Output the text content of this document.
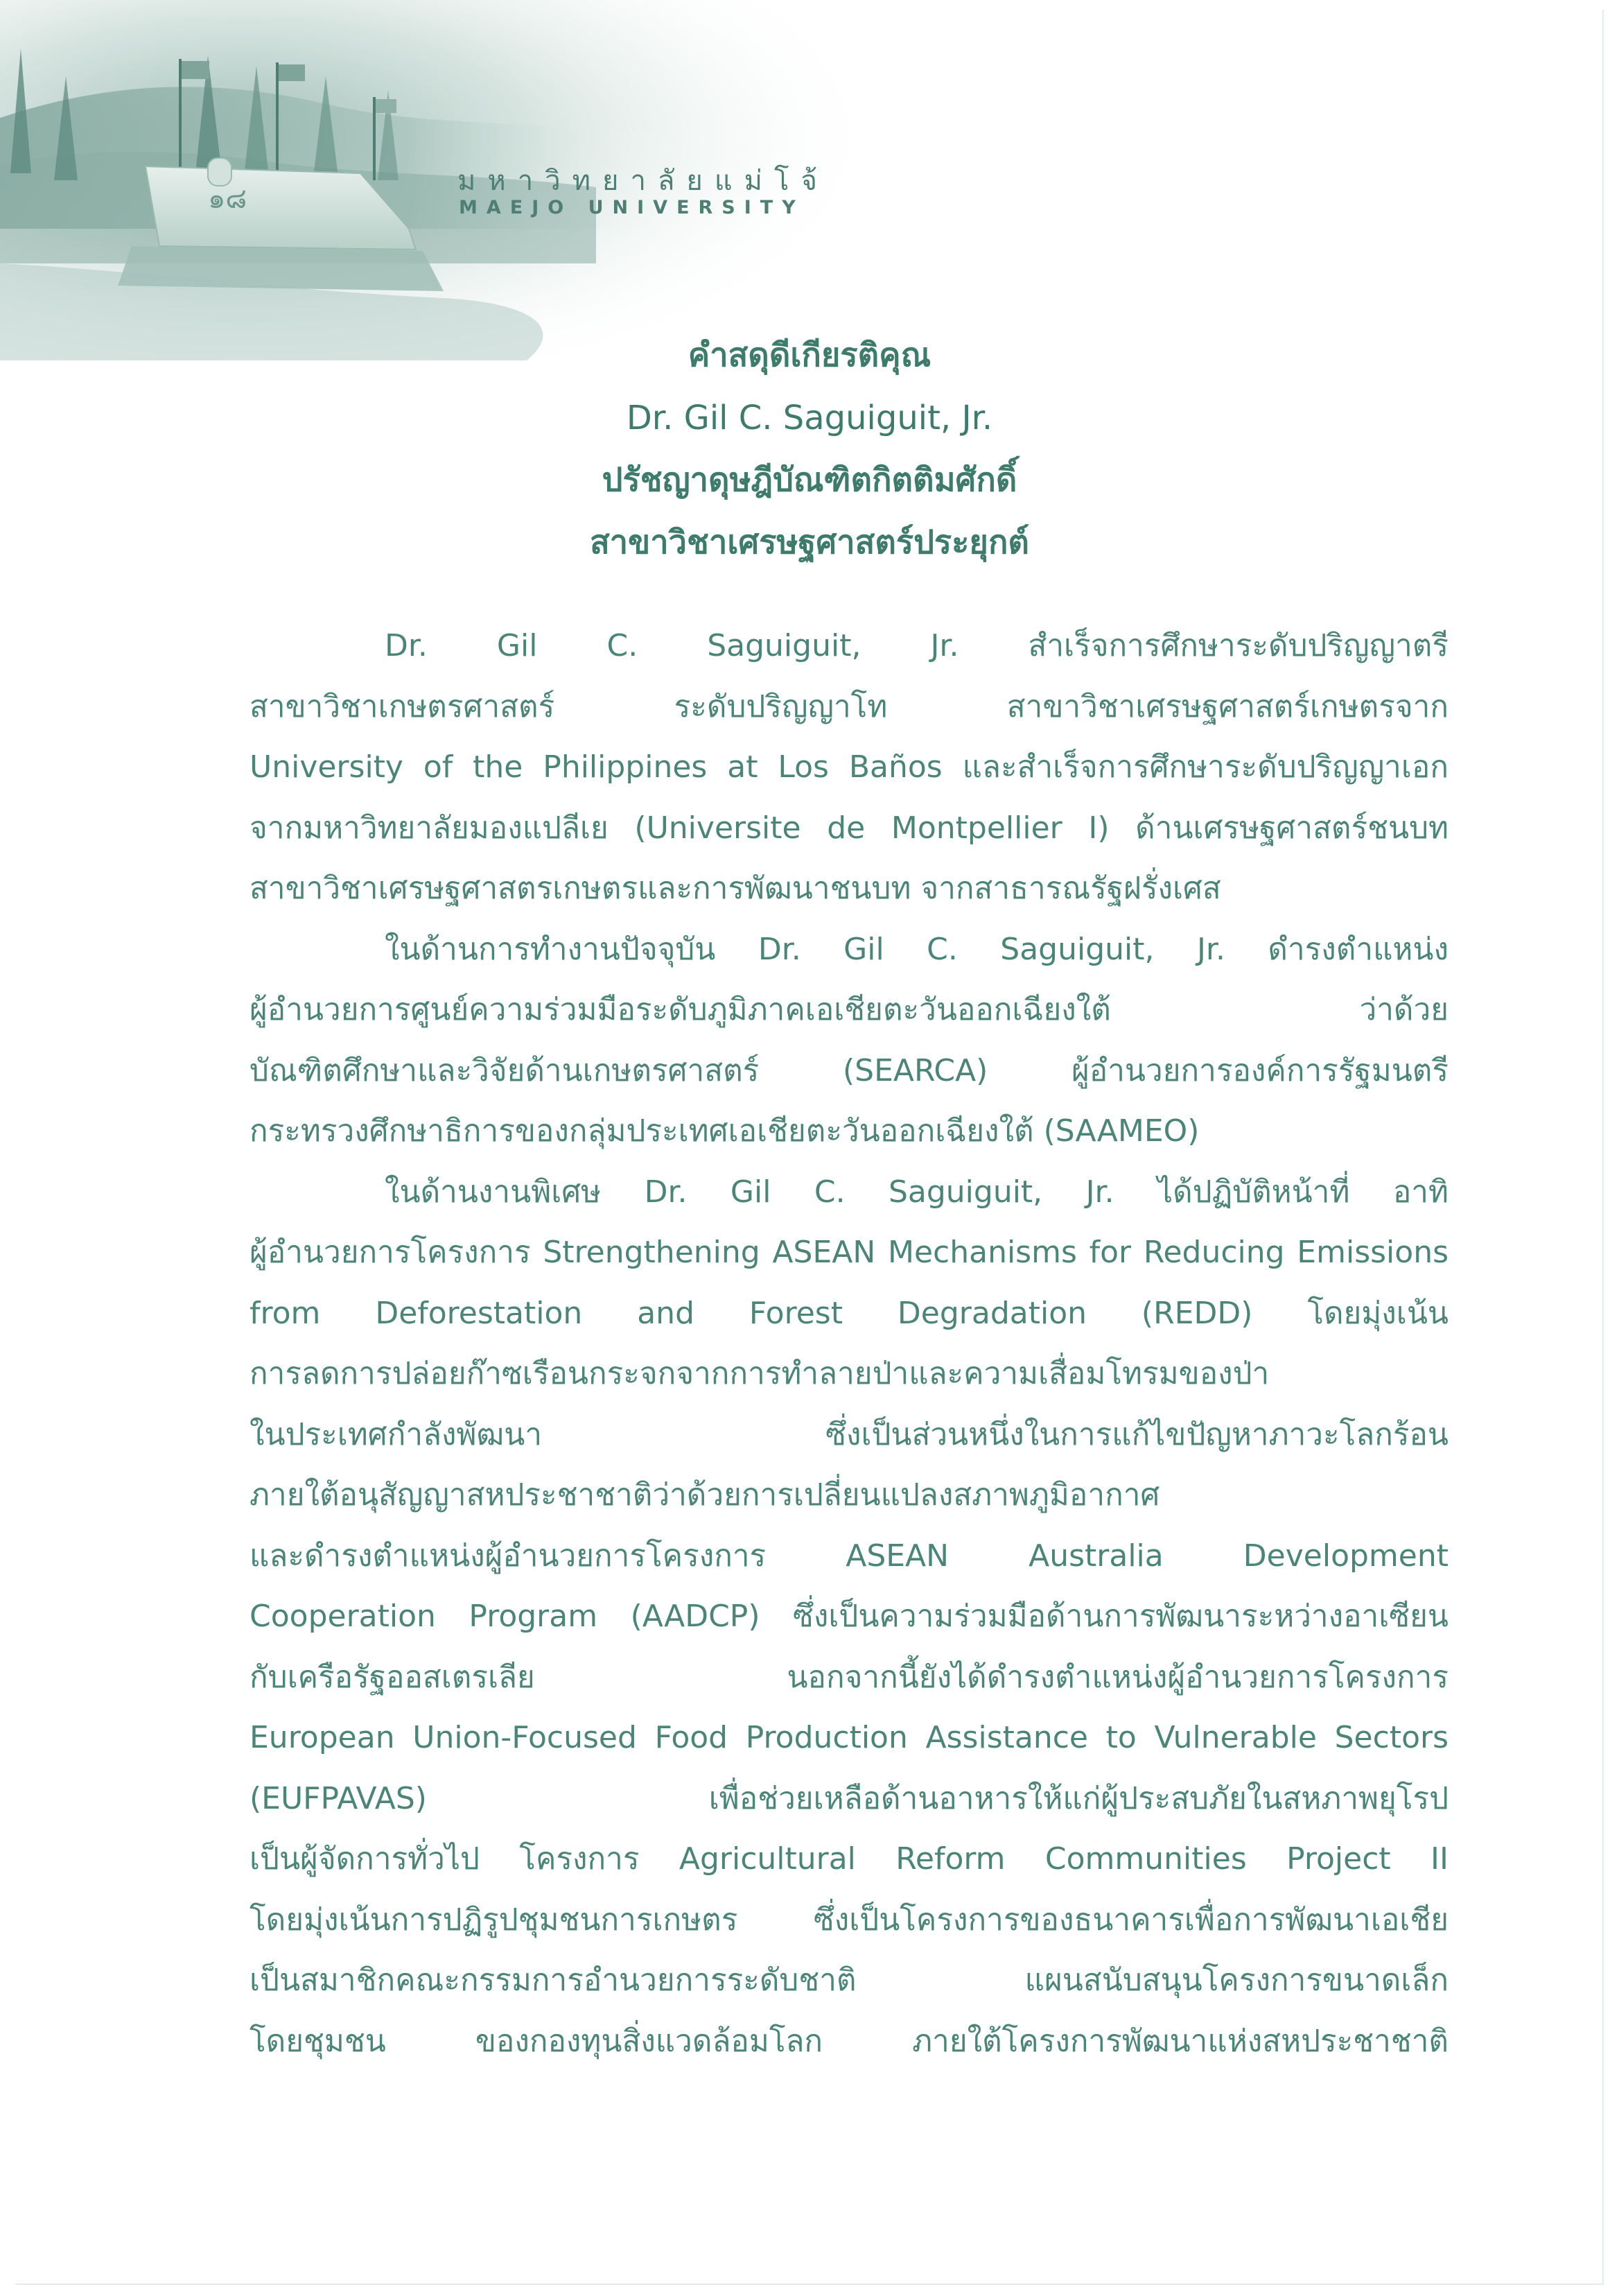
๑๘
มหาวิทยาลัยแม่โจ้
MAEJO UNIVERSITY
คำสดุดีเกียรติคุณ
Dr. Gil C. Saguiguit, Jr.
ปรัชญาดุษฎีบัณฑิตกิตติมศักดิ์
สาขาวิชาเศรษฐศาสตร์ประยุกต์
Dr. Gil C. Saguiguit, Jr. สำเร็จการศึกษาระดับปริญญาตรี
สาขาวิชาเกษตรศาสตร์ ระดับปริญญาโท สาขาวิชาเศรษฐศาสตร์เกษตรจาก
University of the Philippines at Los Baños และสำเร็จการศึกษาระดับปริญญาเอก
จากมหาวิทยาลัยมองแปลีเย (Universite de Montpellier I) ด้านเศรษฐศาสตร์ชนบท
สาขาวิชาเศรษฐศาสตรเกษตรและการพัฒนาชนบท จากสาธารณรัฐฝรั่งเศส
ในด้านการทำงานปัจจุบัน Dr. Gil C. Saguiguit, Jr. ดำรงตำแหน่ง
ผู้อำนวยการศูนย์ความร่วมมือระดับภูมิภาคเอเชียตะวันออกเฉียงใต้ ว่าด้วย
บัณฑิตศึกษาและวิจัยด้านเกษตรศาสตร์ (SEARCA) ผู้อำนวยการองค์การรัฐมนตรี
กระทรวงศึกษาธิการของกลุ่มประเทศเอเชียตะวันออกเฉียงใต้ (SAAMEO)
ในด้านงานพิเศษ Dr. Gil C. Saguiguit, Jr. ได้ปฏิบัติหน้าที่ อาทิ
ผู้อำนวยการโครงการ Strengthening ASEAN Mechanisms for Reducing Emissions
from Deforestation and Forest Degradation (REDD) โดยมุ่งเน้น
การลดการปล่อยก๊าซเรือนกระจกจากการทำลายป่าและความเสื่อมโทรมของป่า
ในประเทศกำลังพัฒนา ซึ่งเป็นส่วนหนึ่งในการแก้ไขปัญหาภาวะโลกร้อน
ภายใต้อนุสัญญาสหประชาชาติว่าด้วยการเปลี่ยนแปลงสภาพภูมิอากาศ
และดำรงตำแหน่งผู้อำนวยการโครงการ ASEAN Australia Development
Cooperation Program (AADCP) ซึ่งเป็นความร่วมมือด้านการพัฒนาระหว่างอาเซียน
กับเครือรัฐออสเตรเลีย นอกจากนี้ยังได้ดำรงตำแหน่งผู้อำนวยการโครงการ
European Union-Focused Food Production Assistance to Vulnerable Sectors
(EUFPAVAS) เพื่อช่วยเหลือด้านอาหารให้แก่ผู้ประสบภัยในสหภาพยุโรป
เป็นผู้จัดการทั่วไป โครงการ Agricultural Reform Communities Project II
โดยมุ่งเน้นการปฏิรูปชุมชนการเกษตร ซึ่งเป็นโครงการของธนาคารเพื่อการพัฒนาเอเชีย
เป็นสมาชิกคณะกรรมการอำนวยการระดับชาติ แผนสนับสนุนโครงการขนาดเล็ก
โดยชุมชน ของกองทุนสิ่งแวดล้อมโลก ภายใต้โครงการพัฒนาแห่งสหประชาชาติ
